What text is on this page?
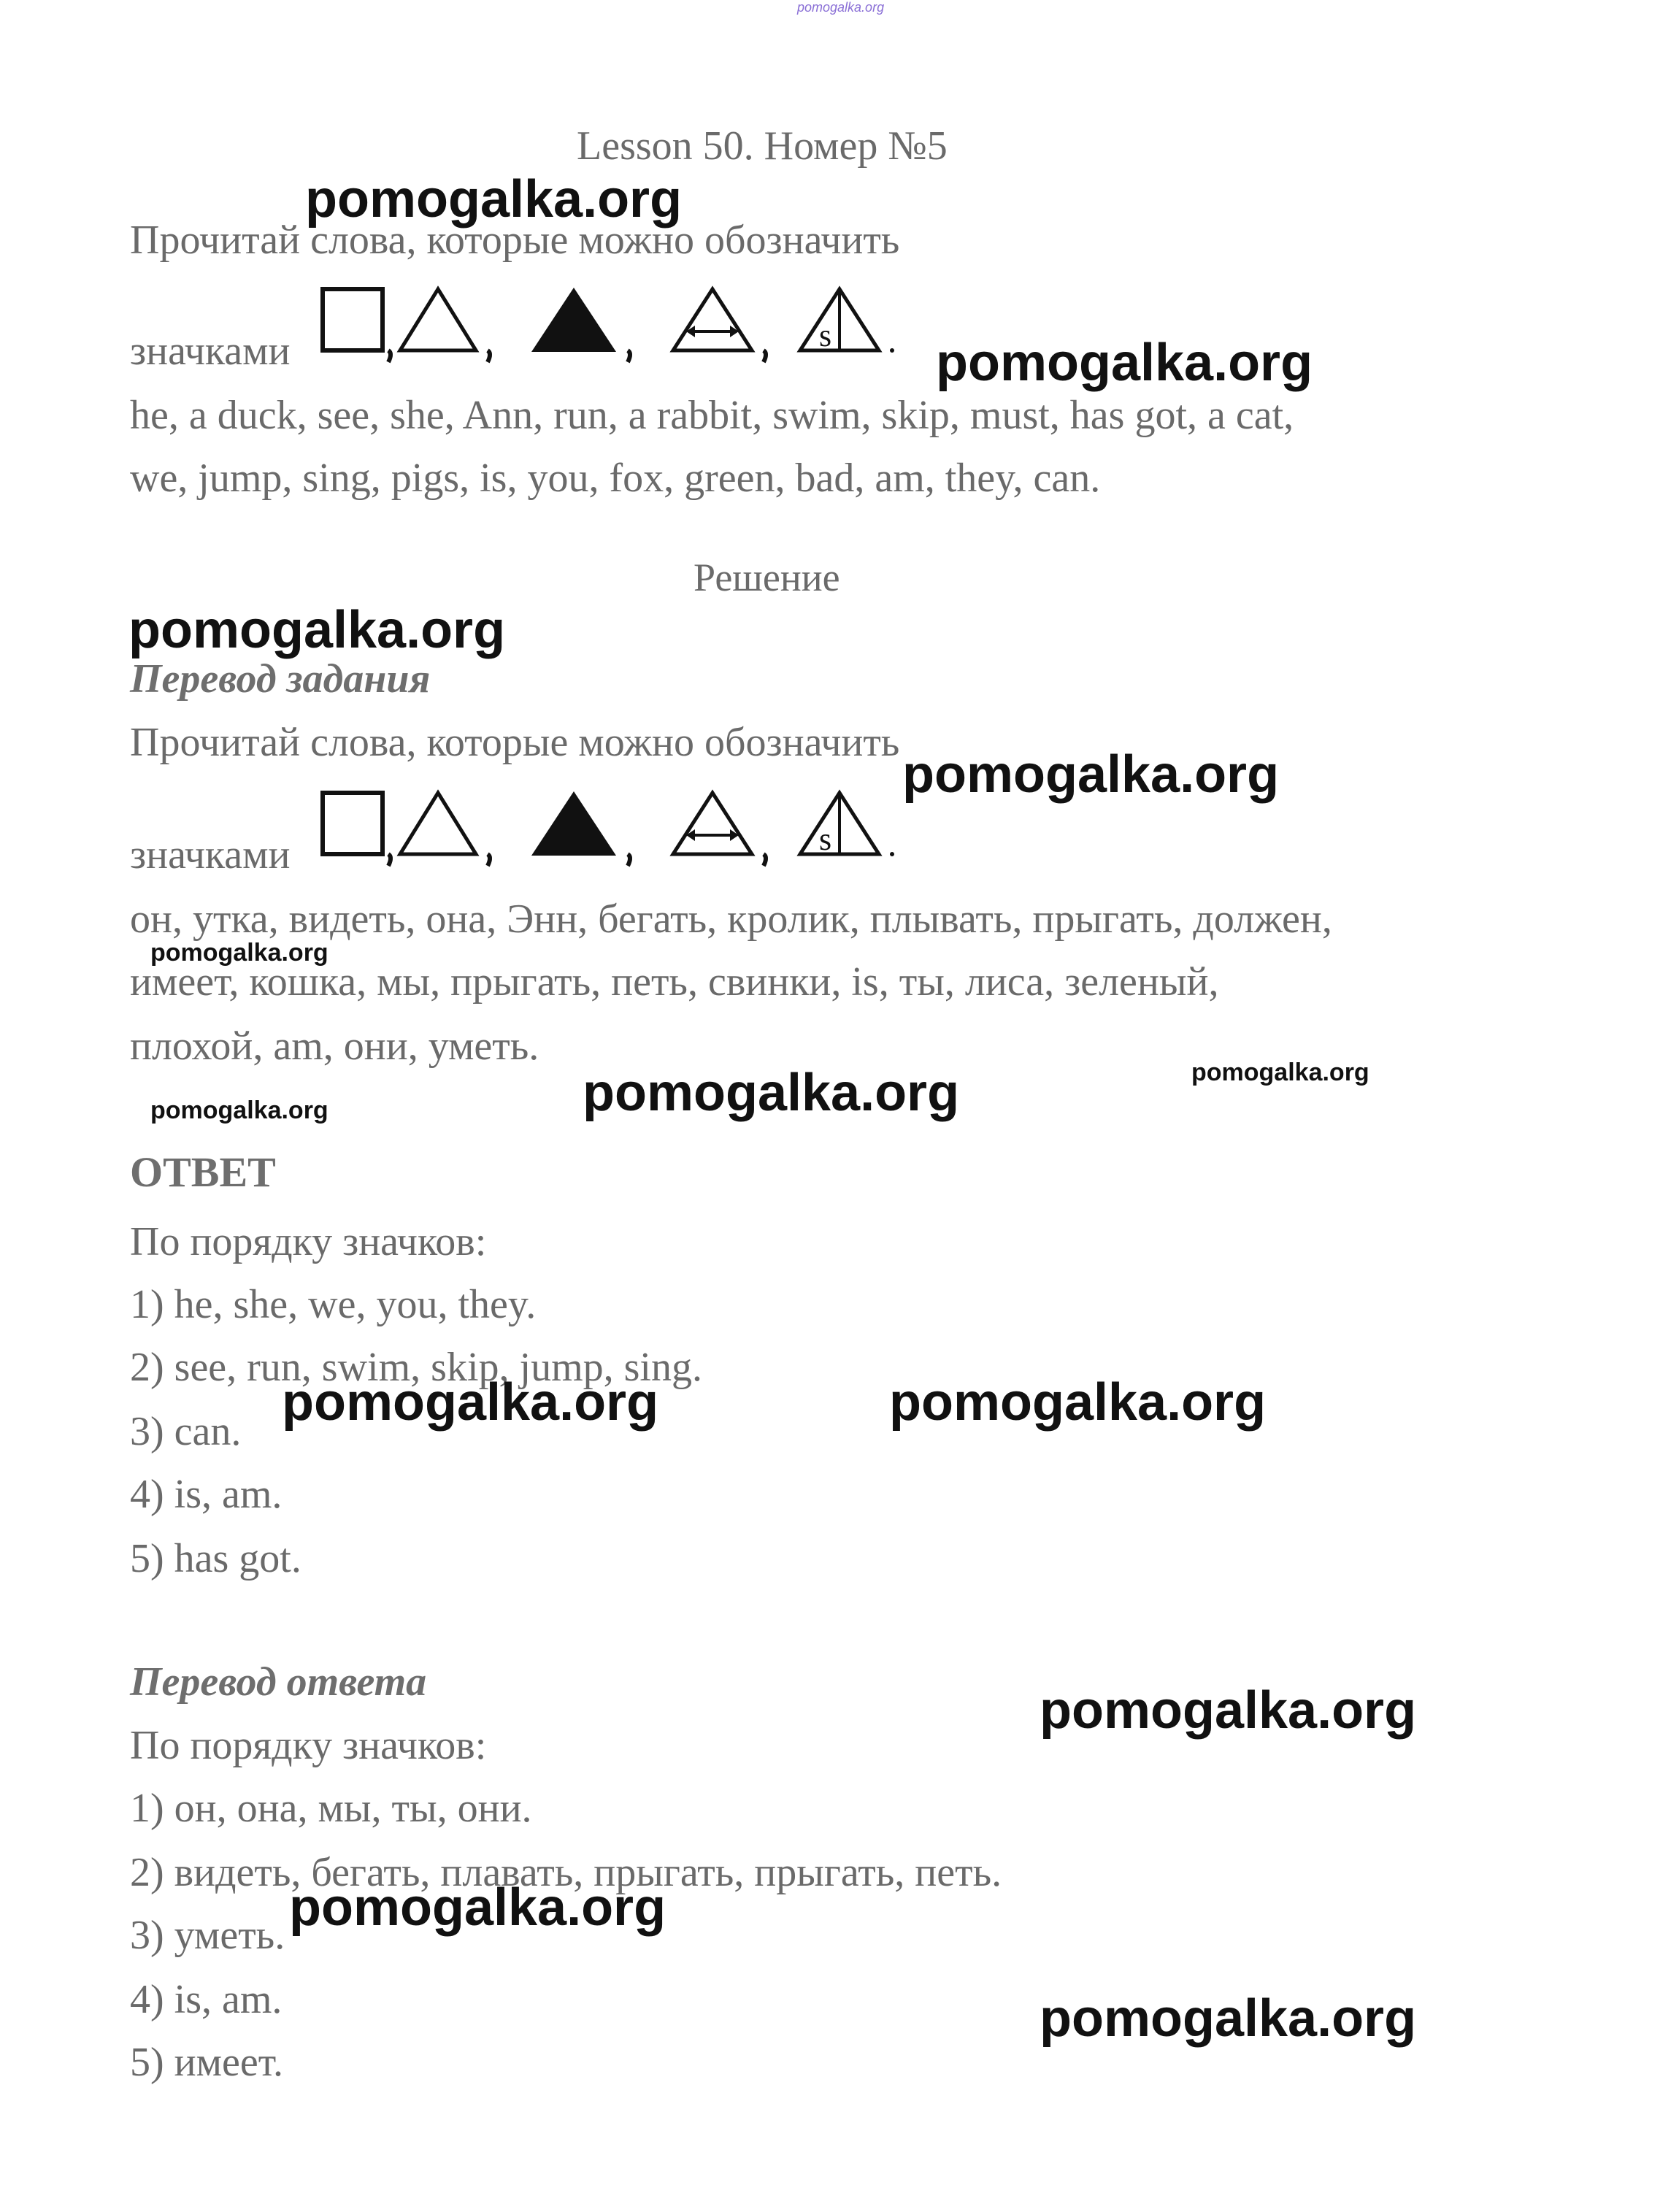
pomogalka.org
Lesson 50. Номер №5
Прочитай слова, которые можно обозначить
значками	s
he, a duck, see, she, Ann, run, a rabbit, swim, skip, must, has got, a cat,
we, jump, sing, pigs, is, you, fox, green, bad, am, they, can.
Решение
Перевод задания
Прочитай слова, которые можно обозначить
значками	s
он, утка, видеть, она, Энн, бегать, кролик, плывать, прыгать, должен,
имеет, кошка, мы, прыгать, петь, свинки, is, ты, лиса, зеленый,
плохой, am, они, уметь.
ОТВЕТ
По порядку значков:
1) he, she, we, you, they.
2) see, run, swim, skip, jump, sing.
3) can.
4) is, am.
5) has got.
Перевод ответа
По порядку значков:
1) он, она, мы, ты, они.
2) видеть, бегать, плавать, прыгать, прыгать, петь.
3) уметь.
4) is, am.
5) имеет.
pomogalka.org
pomogalka.org
pomogalka.org
pomogalka.org
pomogalka.org
pomogalka.org
pomogalka.org	pomogalka.org
pomogalka.org	pomogalka.org
pomogalka.org
pomogalka.org
pomogalka.org
